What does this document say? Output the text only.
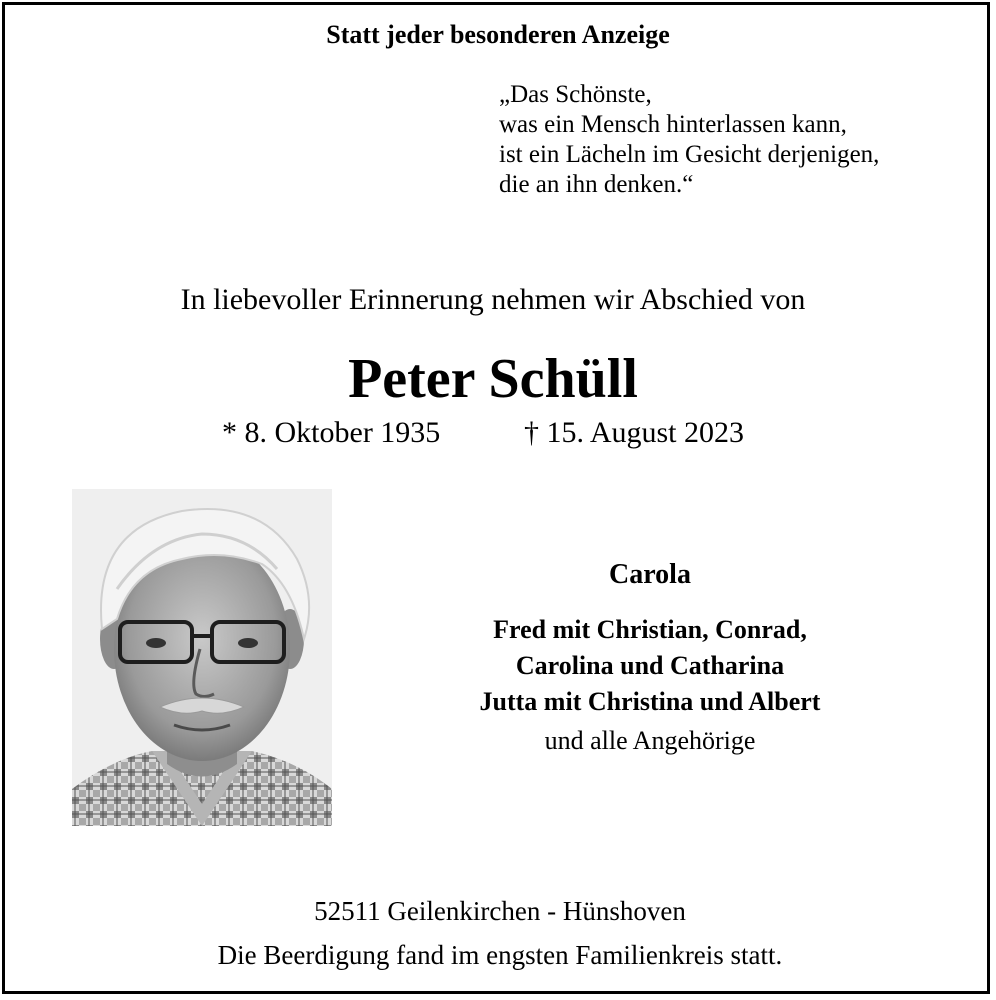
Statt jeder besonderen Anzeige
„Das Schönste,
was ein Mensch hinterlassen kann,
ist ein Lächeln im Gesicht derjenigen,
die an ihn denken.“
In liebevoller Erinnerung nehmen wir Abschied von
Peter Schüll
* 8. Oktober 1935	† 15. August 2023
Carola
Fred mit Christian, Conrad,
Carolina und Catharina
Jutta mit Christina und Albert
und alle Angehörige
52511 Geilenkirchen - Hünshoven
Die Beerdigung fand im engsten Familienkreis statt.
